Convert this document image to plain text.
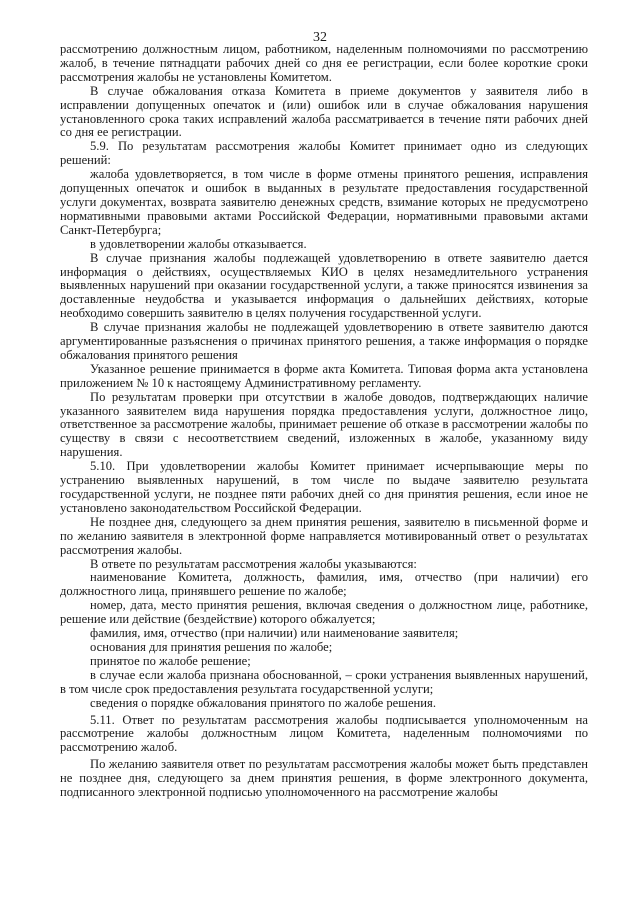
32

рассмотрению должностным лицом, работником, наделенным полномочиями по рассмотрению жалоб, в течение пятнадцати рабочих дней со дня ее регистрации, если более короткие сроки рассмотрения жалобы не установлены Комитетом.

В случае обжалования отказа Комитета в приеме документов у заявителя либо в исправлении допущенных опечаток и (или) ошибок или в случае обжалования нарушения установленного срока таких исправлений жалоба рассматривается в течение пяти рабочих дней со дня ее регистрации.

5.9. По результатам рассмотрения жалобы Комитет принимает одно из следующих решений:

жалоба удовлетворяется, в том числе в форме отмены принятого решения, исправления допущенных опечаток и ошибок в выданных в результате предоставления государственной услуги документах, возврата заявителю денежных средств, взимание которых не предусмотрено нормативными правовыми актами Российской Федерации, нормативными правовыми актами Санкт-Петербурга;

в удовлетворении жалобы отказывается.

В случае признания жалобы подлежащей удовлетворению в ответе заявителю дается информация о действиях, осуществляемых КИО в целях незамедлительного устранения выявленных нарушений при оказании государственной услуги, а также приносятся извинения за доставленные неудобства и указывается информация о дальнейших действиях, которые необходимо совершить заявителю в целях получения государственной услуги.

В случае признания жалобы не подлежащей удовлетворению в ответе заявителю даются аргументированные разъяснения о причинах принятого решения, а также информация о порядке обжалования принятого решения

Указанное решение принимается в форме акта Комитета. Типовая форма акта установлена приложением № 10 к настоящему Административному регламенту.

По результатам проверки при отсутствии в жалобе доводов, подтверждающих наличие указанного заявителем вида нарушения порядка предоставления услуги, должностное лицо, ответственное за рассмотрение жалобы, принимает решение об отказе в рассмотрении жалобы по существу в связи с несоответствием сведений, изложенных в жалобе, указанному виду нарушения.

5.10. При удовлетворении жалобы Комитет принимает исчерпывающие меры по устранению выявленных нарушений, в том числе по выдаче заявителю результата государственной услуги, не позднее пяти рабочих дней со дня принятия решения, если иное не установлено законодательством Российской Федерации.

Не позднее дня, следующего за днем принятия решения, заявителю в письменной форме и по желанию заявителя в электронной форме направляется мотивированный ответ о результатах рассмотрения жалобы.

В ответе по результатам рассмотрения жалобы указываются:

наименование Комитета, должность, фамилия, имя, отчество (при наличии) его должностного лица, принявшего решение по жалобе;

номер, дата, место принятия решения, включая сведения о должностном лице, работнике, решение или действие (бездействие) которого обжалуется;

фамилия, имя, отчество (при наличии) или наименование заявителя;

основания для принятия решения по жалобе;

принятое по жалобе решение;

в случае если жалоба признана обоснованной, – сроки устранения выявленных нарушений, в том числе срок предоставления результата государственной услуги;

сведения о порядке обжалования принятого по жалобе решения.

5.11. Ответ по результатам рассмотрения жалобы подписывается уполномоченным на рассмотрение жалобы должностным лицом Комитета, наделенным полномочиями по рассмотрению жалоб.

По желанию заявителя ответ по результатам рассмотрения жалобы может быть представлен не позднее дня, следующего за днем принятия решения, в форме электронного документа, подписанного электронной подписью уполномоченного на рассмотрение жалобы
